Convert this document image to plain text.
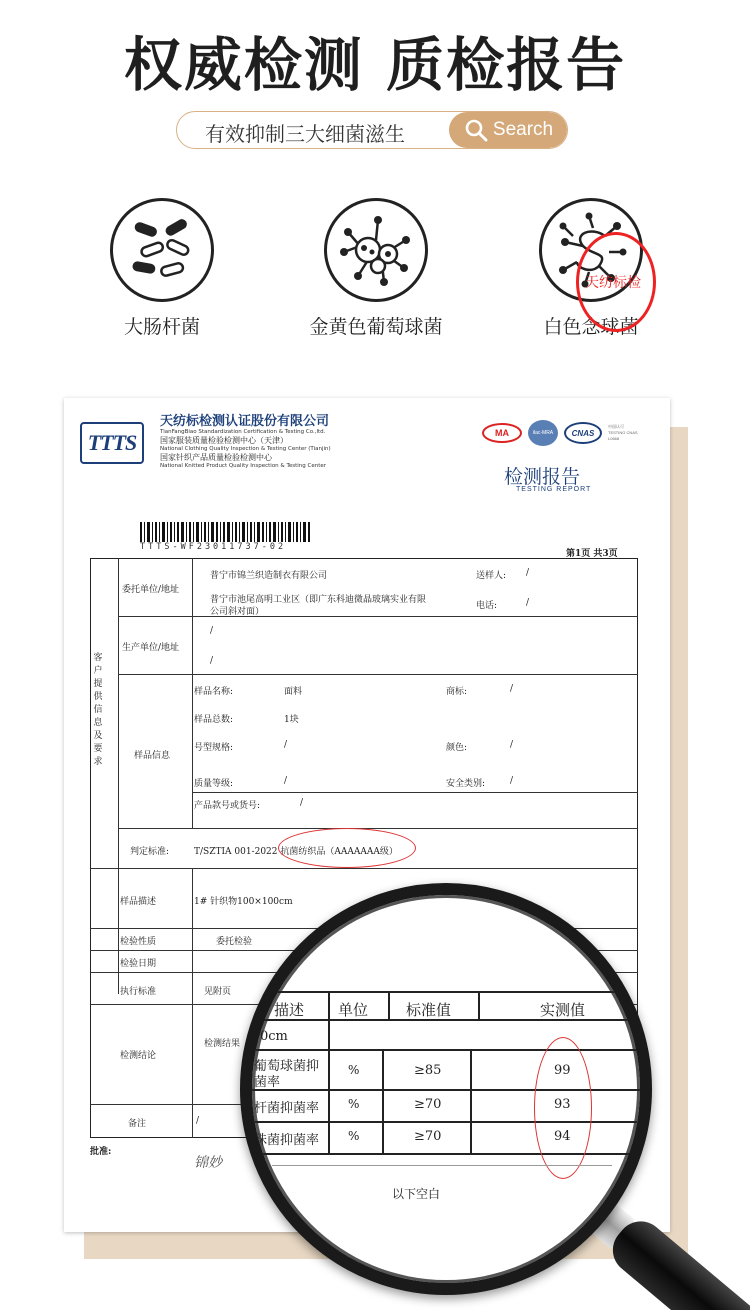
权威检测 质检报告
有效抑制三大细菌滋生	Search
大肠杆菌	金黄色葡萄球菌	白色念球菌
TTTS
天纺标检测认证股份有限公司
TianFangBiao Standardization Certification & Testing Co.,ltd.
国家服装质量检验检测中心（天津）
National Clothing Quality Inspection & Testing Center (Tianjin)
国家针织产品质量检验检测中心
National Knitted Product Quality Inspection & Testing Center
MA	ilac-MRA	CNAS
中国认可 TESTING CNAS L0668
检测报告
TESTING REPORT
TTTS-WF23011737-02
第1页 共3页
客户提供信息及要求
委托单位/地址
普宁市锦兰织造制衣有限公司
普宁市池尾高明工业区（即广东科迪微晶玻璃实业有限
公司斜对面）
送样人: /
电话:	/
生产单位/地址
/
/
样品信息
样品名称:	面料	商标:	/
样品总数:	1块
号型规格:	/	颜色:	/
质量等级:	/	安全类别:	/
产品款号或货号:	/
判定标准:	T/SZTIA 001-2022 抗菌纺织品（AAAAAAA级）
样品描述	1# 针织物100×100cm
检验性质	委托检验
检验日期
执行标准	见附页
检测结论
检测结果
备注	/
批准:
锦妙
天纺标检
描述 单位	标准值	实测值
0cm
葡萄球菌抑
菌率
%	≥85	99
杆菌抑菌率 %	≥70	93
珠菌抑菌率 %	≥70	94
以下空白
